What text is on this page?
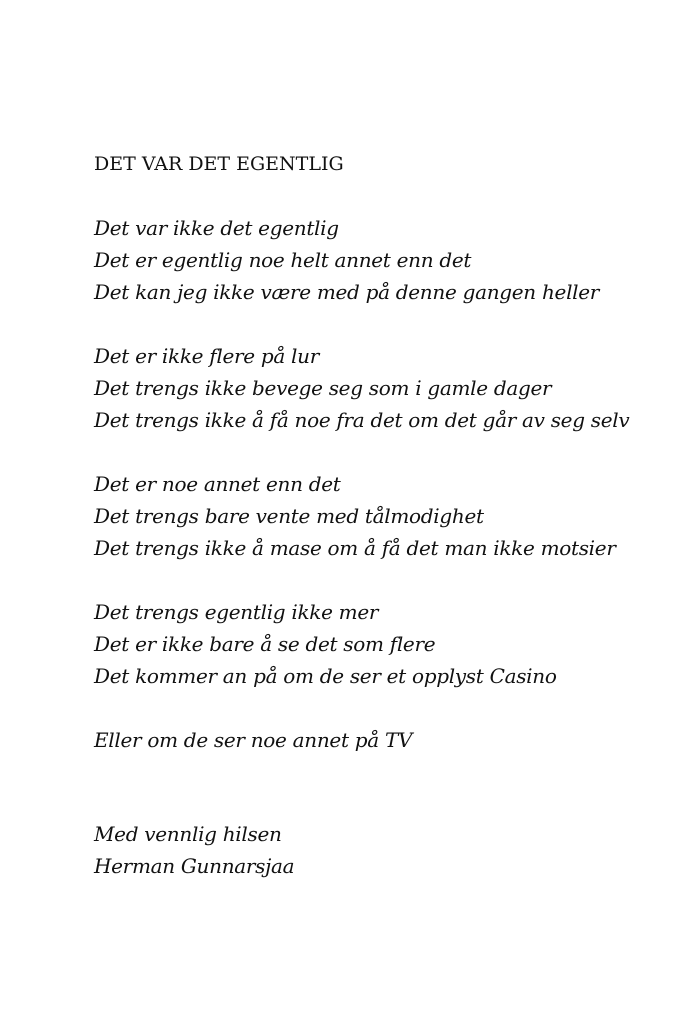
DET VAR DET EGENTLIG
Det var ikke det egentlig
Det er egentlig noe helt annet enn det
Det kan jeg ikke være med på denne gangen heller
Det er ikke flere på lur
Det trengs ikke bevege seg som i gamle dager
Det trengs ikke å få noe fra det om det går av seg selv
Det er noe annet enn det
Det trengs bare vente med tålmodighet
Det trengs ikke å mase om å få det man ikke motsier
Det trengs egentlig ikke mer
Det er ikke bare å se det som flere
Det kommer an på om de ser et opplyst Casino
Eller om de ser noe annet på TV
Med vennlig hilsen
Herman Gunnarsjaa
